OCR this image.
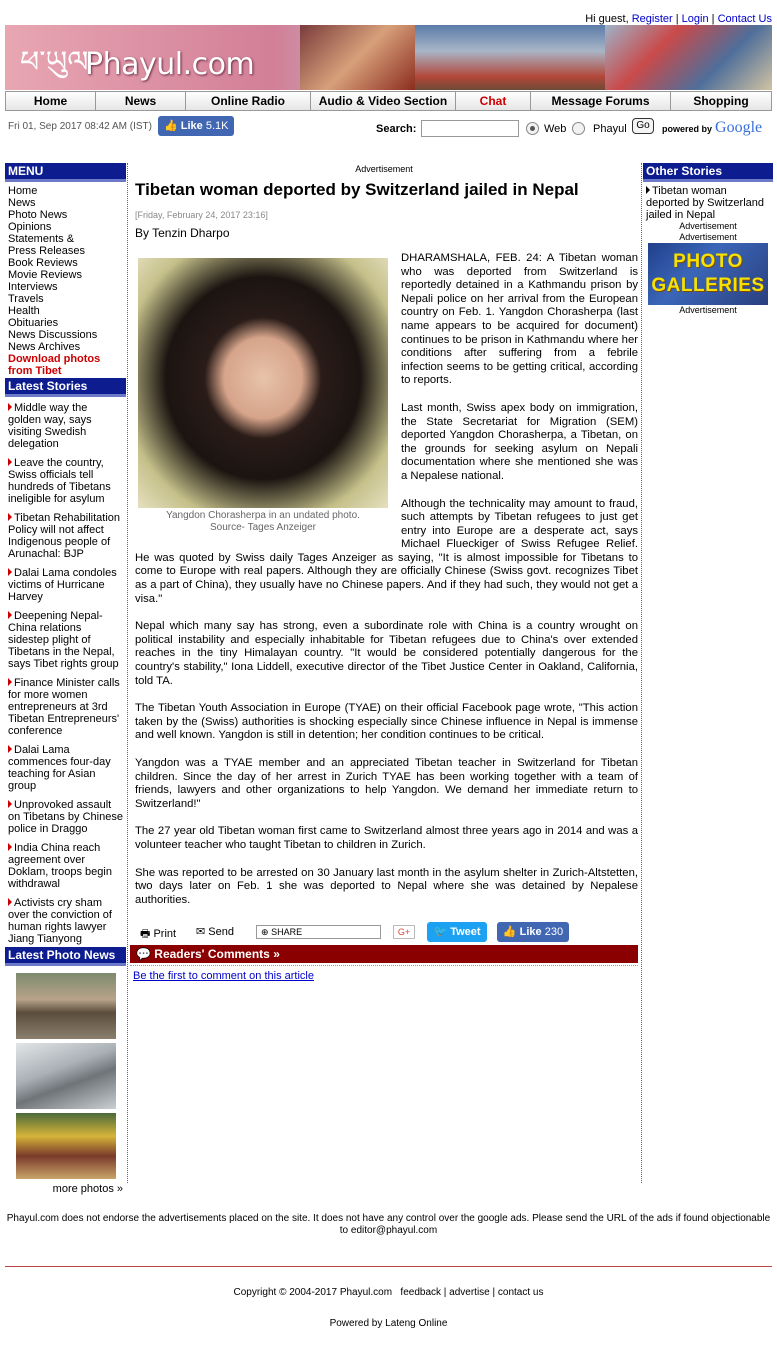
Hi guest, Register | Login | Contact Us
ཕ་ཡུལ
Phayul.com
Home	News	Online Radio	Audio & Video Section	Chat	Message Forums	Shopping
Fri 01, Sep 2017 08:42 AM (IST)	👍 Like 5.1K	Search:	Web Phayul Go	powered by Google
MENU
Home
News
Photo News
Opinions
Statements &
Press Releases
Book Reviews
Movie Reviews
Interviews
Travels
Health
Obituaries
News Discussions
News Archives
Download photos
from Tibet
Latest Stories
Middle way the golden way, says visiting Swedish delegation
Leave the country, Swiss officials tell hundreds of Tibetans ineligible for asylum
Tibetan Rehabilitation Policy will not affect Indigenous people of Arunachal: BJP
Dalai Lama condoles victims of Hurricane Harvey
Deepening Nepal-China relations sidestep plight of Tibetans in the Nepal, says Tibet rights group
Finance Minister calls for more women entrepreneurs at 3rd Tibetan Entrepreneurs' conference
Dalai Lama commences four-day teaching for Asian group
Unprovoked assault on Tibetans by Chinese police in Draggo
India China reach agreement over Doklam, troops begin withdrawal
Activists cry sham over the conviction of human rights lawyer Jiang Tianyong
Latest Photo News
more photos »
Advertisement
Tibetan woman deported by Switzerland jailed in Nepal
[Friday, February 24, 2017 23:16]
By Tenzin Dharpo
Yangdon Chorasherpa in an undated photo.
Source- Tages Anzeiger

DHARAMSHALA, FEB. 24: A Tibetan woman who was deported from Switzerland is reportedly detained in a Kathmandu prison by Nepali police on her arrival from the European country on Feb. 1. Yangdon Chorasherpa (last name appears to be acquired for document) continues to be prison in Kathmandu where her conditions after suffering from a febrile infection seems to be getting critical, according to reports.

Last month, Swiss apex body on immigration, the State Secretariat for Migration (SEM) deported Yangdon Chorasherpa, a Tibetan, on the grounds for seeking asylum on Nepali documentation where she mentioned she was a Nepalese national.

Although the technicality may amount to fraud, such attempts by Tibetan refugees to just get entry into Europe are a desperate act, says Michael Flueckiger of Swiss Refugee Relief. He was quoted by Swiss daily Tages Anzeiger as saying, "It is almost impossible for Tibetans to come to Europe with real papers. Although they are officially Chinese (Swiss govt. recognizes Tibet as a part of China), they usually have no Chinese papers. And if they had such, they would not get a visa."

Nepal which many say has strong, even a subordinate role with China is a country wrought on political instability and especially inhabitable for Tibetan refugees due to China's over extended reaches in the tiny Himalayan country. "It would be considered potentially dangerous for the country's stability," Iona Liddell, executive director of the Tibet Justice Center in Oakland, California, told TA.

The Tibetan Youth Association in Europe (TYAE) on their official Facebook page wrote, "This action taken by the (Swiss) authorities is shocking especially since Chinese influence in Nepal is immense and well known. Yangdon is still in detention; her condition continues to be critical.

Yangdon was a TYAE member and an appreciated Tibetan teacher in Switzerland for Tibetan children. Since the day of her arrest in Zurich TYAE has been working together with a team of friends, lawyers and other organizations to help Yangdon. We demand her immediate return to Switzerland!"

The 27 year old Tibetan woman first came to Switzerland almost three years ago in 2014 and was a volunteer teacher who taught Tibetan to children in Zurich.

She was reported to be arrested on 30 January last month in the asylum shelter in Zurich-Altstetten, two days later on Feb. 1 she was deported to Nepal where she was detained by Nepalese authorities.

🖶 Print ✉ Send	⊕ SHARE	G+	🐦 Tweet	👍 Like 230
💬 Readers' Comments »
Be the first to comment on this article
Other Stories
Tibetan woman deported by Switzerland jailed in Nepal
Advertisement
Advertisement
PHOTO
GALLERIES
Advertisement
Phayul.com does not endorse the advertisements placed on the site. It does not have any control over the google ads. Please send the URL of the ads if found objectionable to editor@phayul.com
Copyright © 2004-2017 Phayul.com feedback | advertise | contact us
Powered by Lateng Online
